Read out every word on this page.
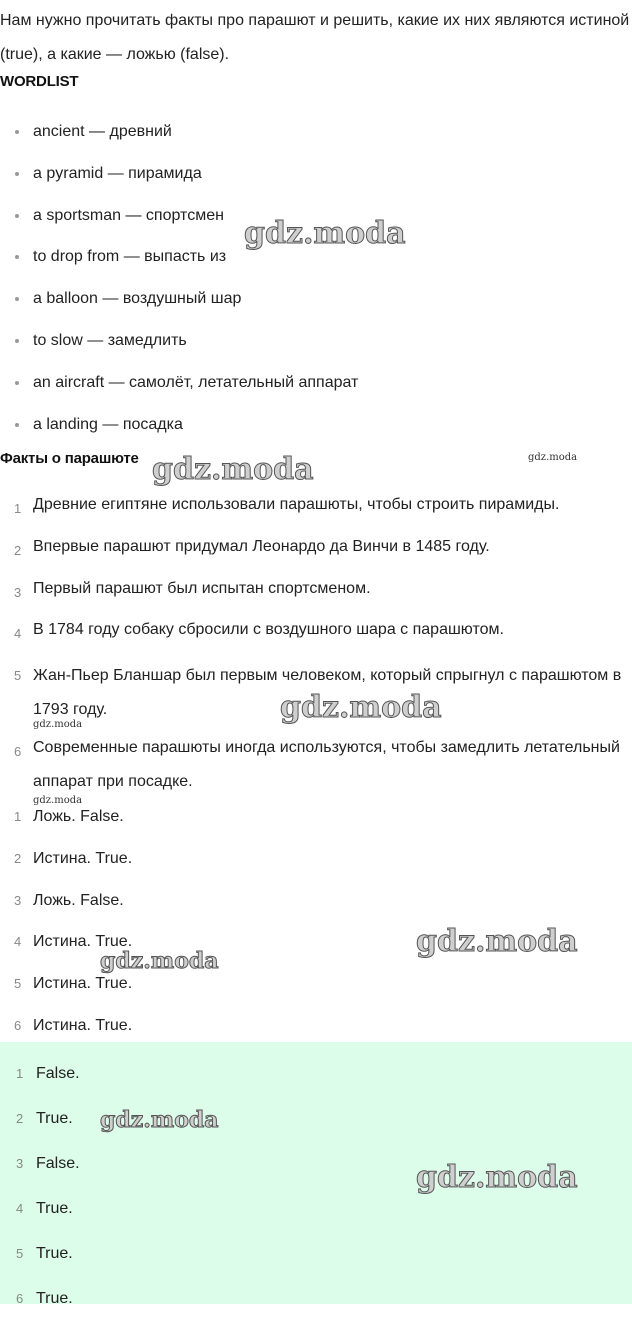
Нам нужно прочитать факты про парашют и решить, какие их них являются истиной (true), а какие — ложью (false).

WORDLIST
ancient — древний
a pyramid — пирамида
a sportsman — спортсмен
to drop from — выпасть из
a balloon — воздушный шар
to slow — замедлить
an aircraft — самолёт, летательный аппарат
a landing — посадка
Факты о парашюте
1 Древние египтяне использовали парашюты, чтобы строить пирамиды.
2 Впервые парашют придумал Леонардо да Винчи в 1485 году.
3 Первый парашют был испытан спортсменом.
4 В 1784 году собаку сбросили с воздушного шара с парашютом.
5 Жан-Пьер Бланшар был первым человеком, который спрыгнул с парашютом в 1793 году.
6 Современные парашюты иногда используются, чтобы замедлить летательный аппарат при посадке.
1 Ложь. False.
2 Истина. True.
3 Ложь. False.
4 Истина. True.
5 Истина. True.
6 Истина. True.
1 False.
2 True.
3 False.
4 True.
5 True.
6 True.
gdz.moda
gdz.moda	gdz.moda
gdz.moda
gdz.moda
gdz.moda
gdz.moda
gdz.moda
gdz.moda
gdz.moda
